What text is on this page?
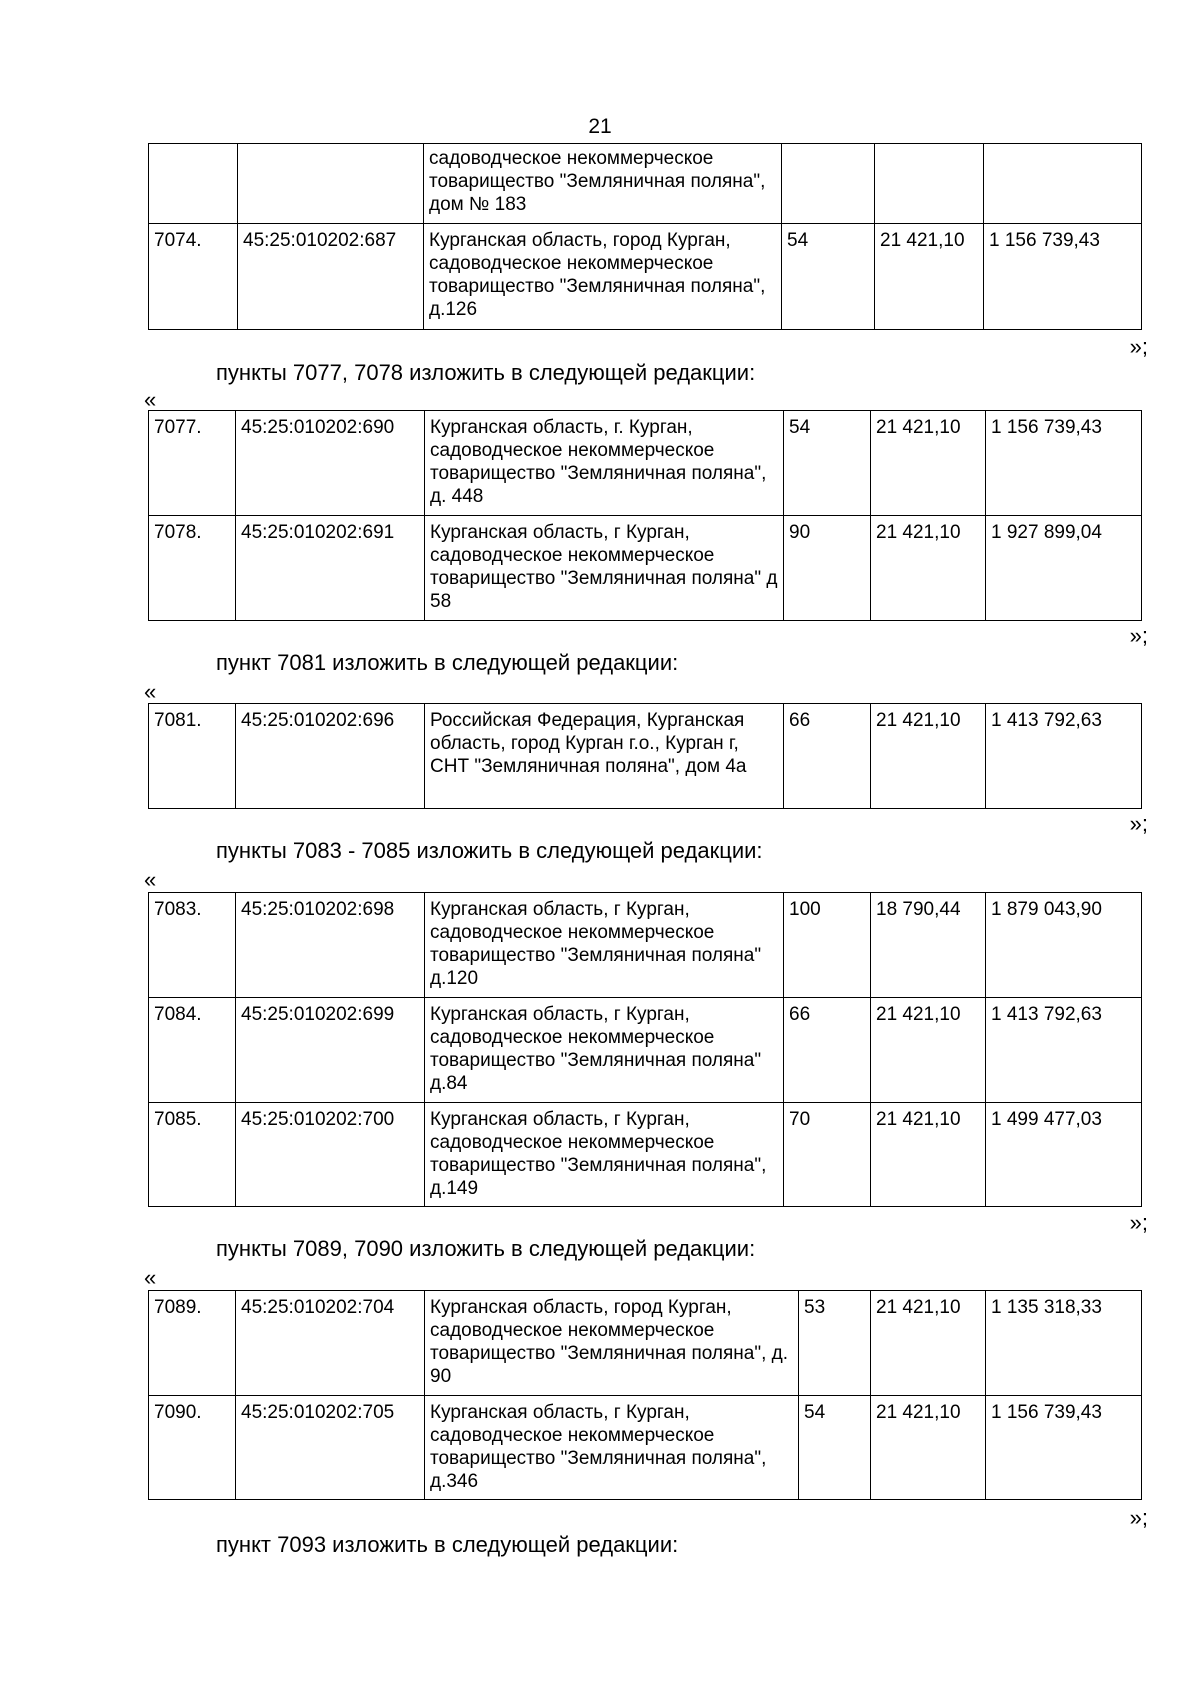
21
		садоводческое некоммерческое товарищество "Земляничная поляна", дом № 183			
7074.	45:25:010202:687	Курганская область, город Курган, садоводческое некоммерческое товарищество "Земляничная поляна", д.126	54	21 421,10	1 156 739,43
»;
пункты 7077, 7078 изложить в следующей редакции:
«
7077.	45:25:010202:690	Курганская область, г. Курган, садоводческое некоммерческое товарищество "Земляничная поляна", д. 448	54	21 421,10	1 156 739,43
7078.	45:25:010202:691	Курганская область, г Курган, садоводческое некоммерческое товарищество "Земляничная поляна" д 58	90	21 421,10	1 927 899,04
»;
пункт 7081 изложить в следующей редакции:
«
7081.	45:25:010202:696	Российская Федерация, Курганская область, город Курган г.о., Курган г, СНТ "Земляничная поляна", дом 4а	66	21 421,10	1 413 792,63
»;
пункты 7083 - 7085 изложить в следующей редакции:
«
7083.	45:25:010202:698	Курганская область, г Курган, садоводческое некоммерческое товарищество "Земляничная поляна" д.120	100	18 790,44	1 879 043,90
7084.	45:25:010202:699	Курганская область, г Курган, садоводческое некоммерческое товарищество "Земляничная поляна" д.84	66	21 421,10	1 413 792,63
7085.	45:25:010202:700	Курганская область, г Курган, садоводческое некоммерческое товарищество "Земляничная поляна", д.149	70	21 421,10	1 499 477,03
»;
пункты 7089, 7090 изложить в следующей редакции:
«
7089.	45:25:010202:704	Курганская область, город Курган, садоводческое некоммерческое товарищество "Земляничная поляна", д. 90	53	21 421,10	1 135 318,33
7090.	45:25:010202:705	Курганская область, г Курган, садоводческое некоммерческое товарищество "Земляничная поляна", д.346	54	21 421,10	1 156 739,43
»;
пункт 7093 изложить в следующей редакции:
